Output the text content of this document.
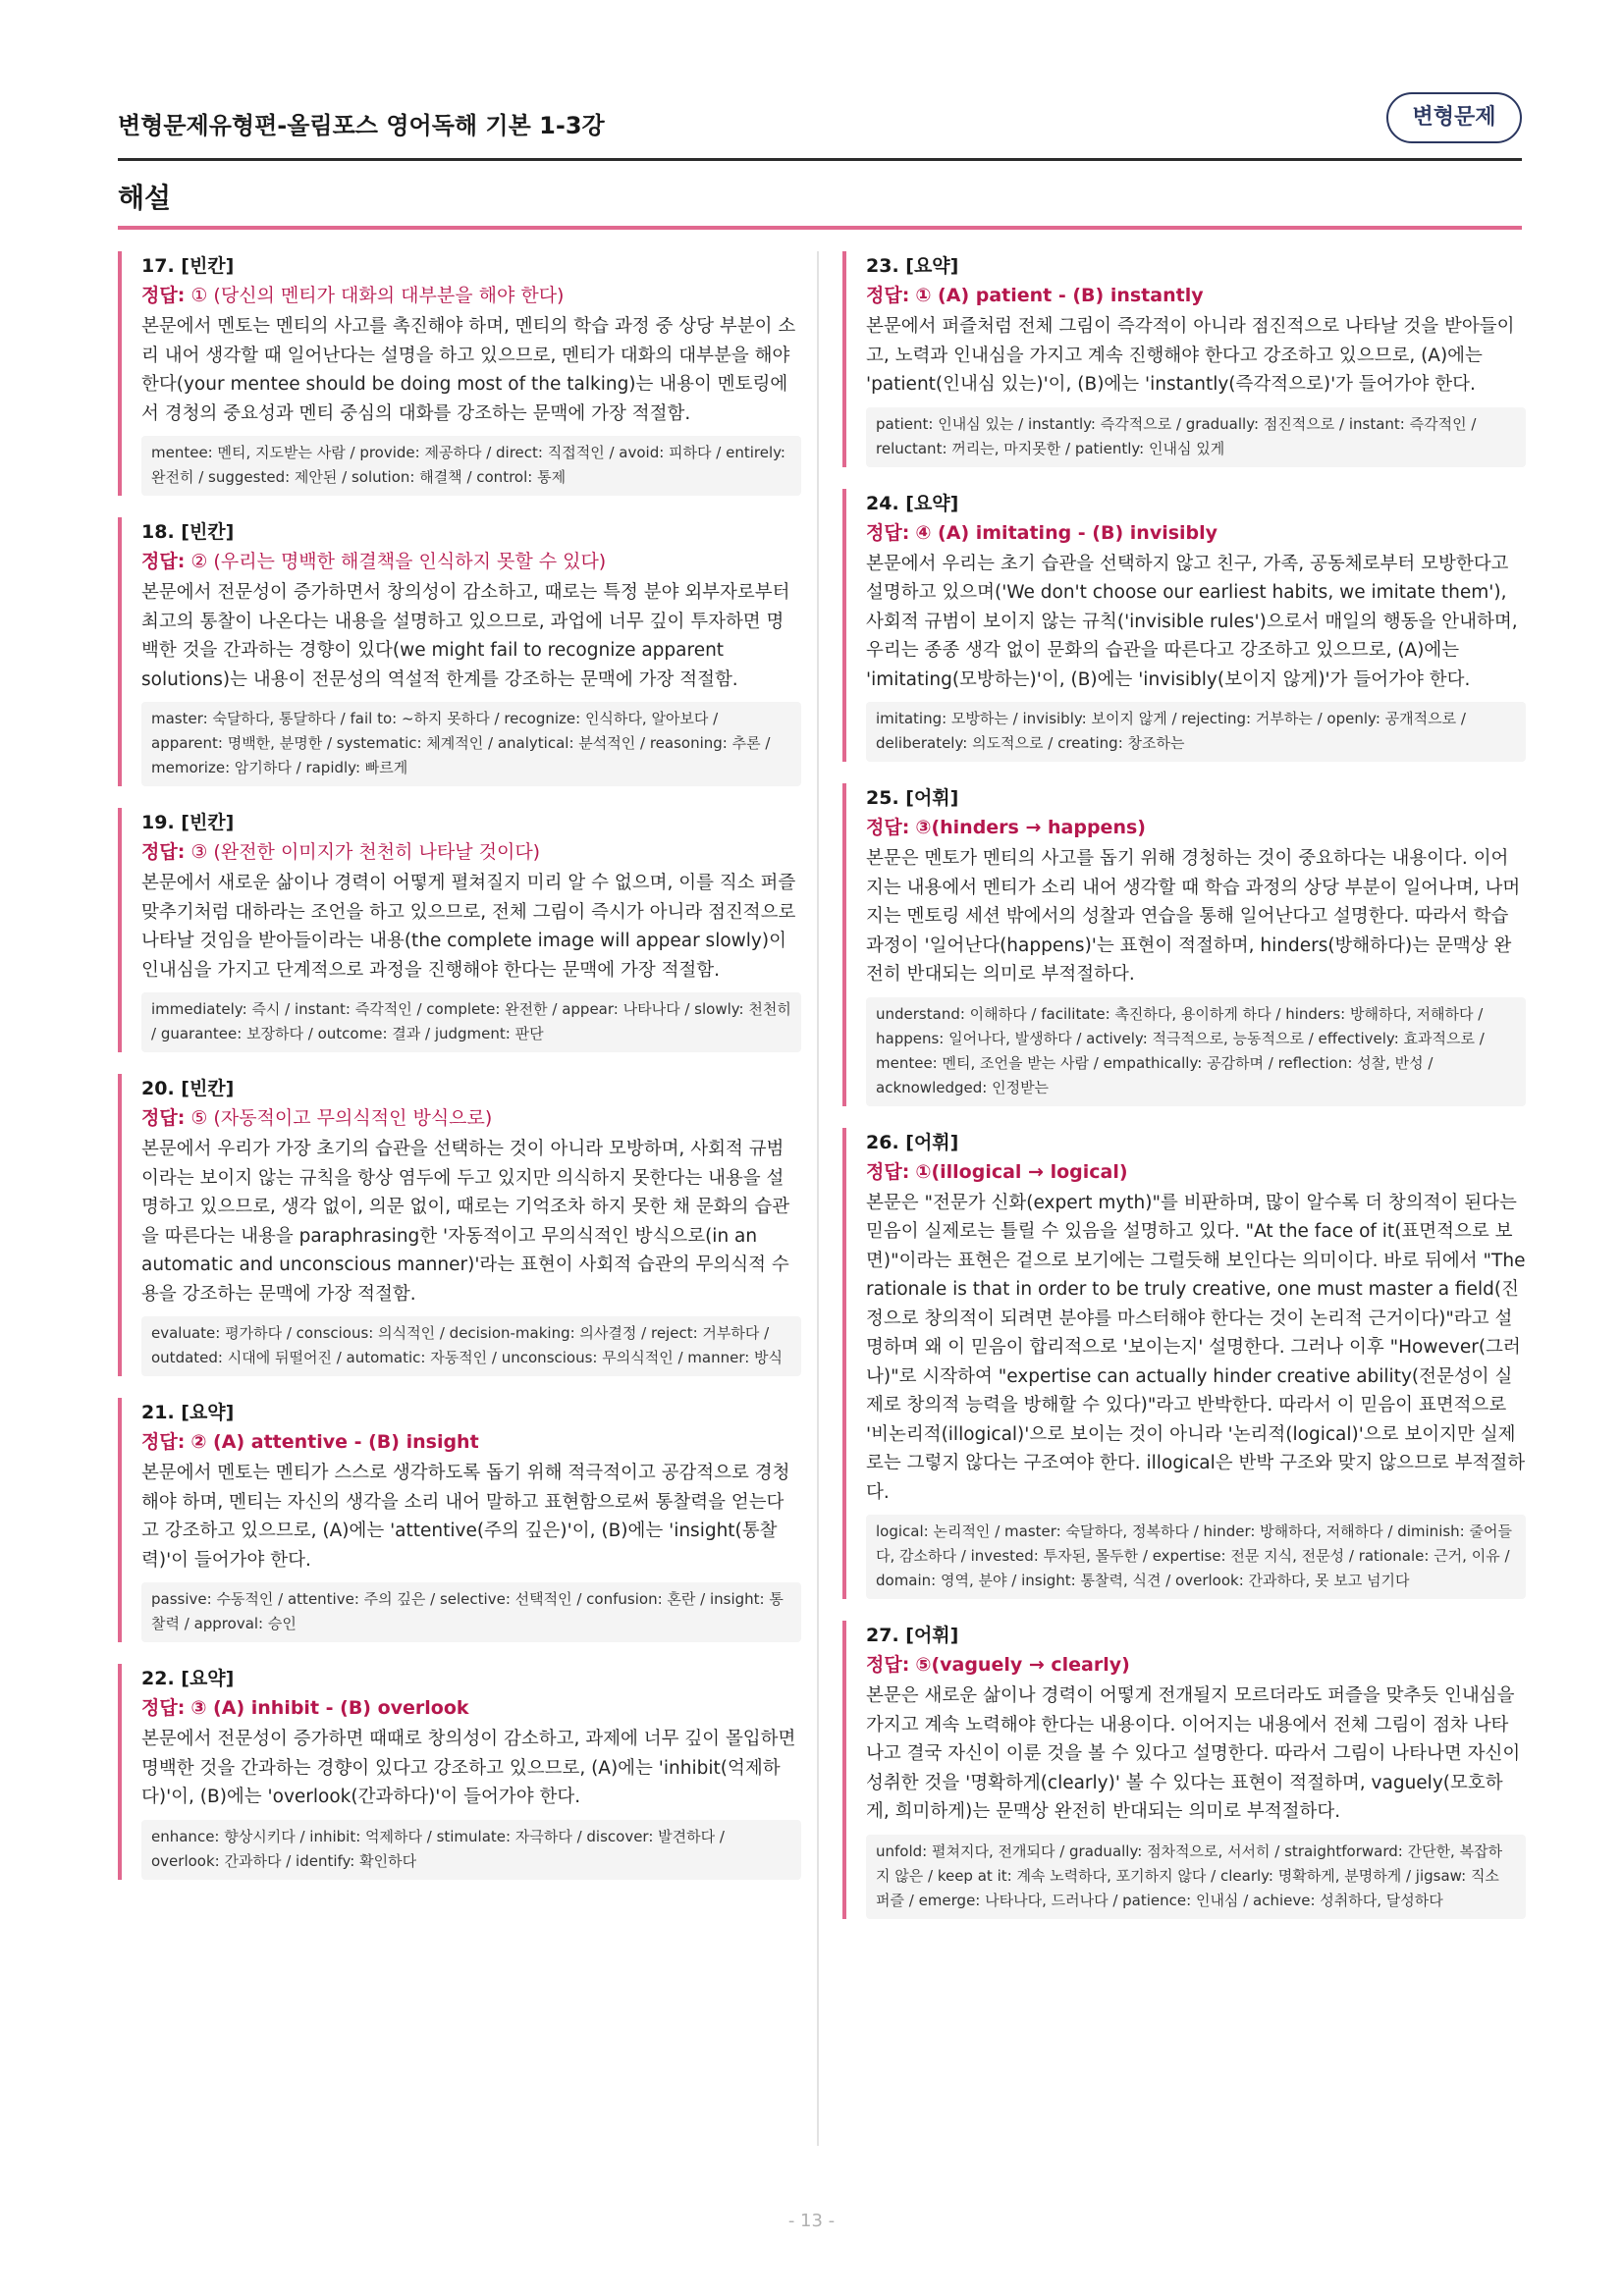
변형문제유형편-올림포스 영어독해 기본 1-3강	변형문제
해설
17. [빈칸]
정답: ① (당신의 멘티가 대화의 대부분을 해야 한다)
본문에서 멘토는 멘티의 사고를 촉진해야 하며, 멘티의 학습 과정 중 상당 부분이 소리 내어 생각할 때 일어난다는 설명을 하고 있으므로, 멘티가 대화의 대부분을 해야 한다(your mentee should be doing most of the talking)는 내용이 멘토링에서 경청의 중요성과 멘티 중심의 대화를 강조하는 문맥에 가장 적절함.
mentee: 멘티, 지도받는 사람 / provide: 제공하다 / direct: 직접적인 / avoid: 피하다 / entirely: 완전히 / suggested: 제안된 / solution: 해결책 / control: 통제
18. [빈칸]
정답: ② (우리는 명백한 해결책을 인식하지 못할 수 있다)
본문에서 전문성이 증가하면서 창의성이 감소하고, 때로는 특정 분야 외부자로부터 최고의 통찰이 나온다는 내용을 설명하고 있으므로, 과업에 너무 깊이 투자하면 명백한 것을 간과하는 경향이 있다(we might fail to recognize apparent solutions)는 내용이 전문성의 역설적 한계를 강조하는 문맥에 가장 적절함.
master: 숙달하다, 통달하다 / fail to: ~하지 못하다 / recognize: 인식하다, 알아보다 / apparent: 명백한, 분명한 / systematic: 체계적인 / analytical: 분석적인 / reasoning: 추론 / memorize: 암기하다 / rapidly: 빠르게
19. [빈칸]
정답: ③ (완전한 이미지가 천천히 나타날 것이다)
본문에서 새로운 삶이나 경력이 어떻게 펼쳐질지 미리 알 수 없으며, 이를 직소 퍼즐 맞추기처럼 대하라는 조언을 하고 있으므로, 전체 그림이 즉시가 아니라 점진적으로 나타날 것임을 받아들이라는 내용(the complete image will appear slowly)이 인내심을 가지고 단계적으로 과정을 진행해야 한다는 문맥에 가장 적절함.
immediately: 즉시 / instant: 즉각적인 / complete: 완전한 / appear: 나타나다 / slowly: 천천히 / guarantee: 보장하다 / outcome: 결과 / judgment: 판단
20. [빈칸]
정답: ⑤ (자동적이고 무의식적인 방식으로)
본문에서 우리가 가장 초기의 습관을 선택하는 것이 아니라 모방하며, 사회적 규범이라는 보이지 않는 규칙을 항상 염두에 두고 있지만 의식하지 못한다는 내용을 설명하고 있으므로, 생각 없이, 의문 없이, 때로는 기억조차 하지 못한 채 문화의 습관을 따른다는 내용을 paraphrasing한 '자동적이고 무의식적인 방식으로(in an automatic and unconscious manner)'라는 표현이 사회적 습관의 무의식적 수용을 강조하는 문맥에 가장 적절함.
evaluate: 평가하다 / conscious: 의식적인 / decision-making: 의사결정 / reject: 거부하다 / outdated: 시대에 뒤떨어진 / automatic: 자동적인 / unconscious: 무의식적인 / manner: 방식
21. [요약]
정답: ② (A) attentive - (B) insight
본문에서 멘토는 멘티가 스스로 생각하도록 돕기 위해 적극적이고 공감적으로 경청해야 하며, 멘티는 자신의 생각을 소리 내어 말하고 표현함으로써 통찰력을 얻는다고 강조하고 있으므로, (A)에는 'attentive(주의 깊은)'이, (B)에는 'insight(통찰력)'이 들어가야 한다.
passive: 수동적인 / attentive: 주의 깊은 / selective: 선택적인 / confusion: 혼란 / insight: 통찰력 / approval: 승인
22. [요약]
정답: ③ (A) inhibit - (B) overlook
본문에서 전문성이 증가하면 때때로 창의성이 감소하고, 과제에 너무 깊이 몰입하면 명백한 것을 간과하는 경향이 있다고 강조하고 있으므로, (A)에는 'inhibit(억제하다)'이, (B)에는 'overlook(간과하다)'이 들어가야 한다.
enhance: 향상시키다 / inhibit: 억제하다 / stimulate: 자극하다 / discover: 발견하다 / overlook: 간과하다 / identify: 확인하다
23. [요약]
정답: ① (A) patient - (B) instantly
본문에서 퍼즐처럼 전체 그림이 즉각적이 아니라 점진적으로 나타날 것을 받아들이고, 노력과 인내심을 가지고 계속 진행해야 한다고 강조하고 있으므로, (A)에는 'patient(인내심 있는)'이, (B)에는 'instantly(즉각적으로)'가 들어가야 한다.
patient: 인내심 있는 / instantly: 즉각적으로 / gradually: 점진적으로 / instant: 즉각적인 / reluctant: 꺼리는, 마지못한 / patiently: 인내심 있게
24. [요약]
정답: ④ (A) imitating - (B) invisibly
본문에서 우리는 초기 습관을 선택하지 않고 친구, 가족, 공동체로부터 모방한다고 설명하고 있으며('We don't choose our earliest habits, we imitate them'), 사회적 규범이 보이지 않는 규칙('invisible rules')으로서 매일의 행동을 안내하며, 우리는 종종 생각 없이 문화의 습관을 따른다고 강조하고 있으므로, (A)에는 'imitating(모방하는)'이, (B)에는 'invisibly(보이지 않게)'가 들어가야 한다.
imitating: 모방하는 / invisibly: 보이지 않게 / rejecting: 거부하는 / openly: 공개적으로 / deliberately: 의도적으로 / creating: 창조하는
25. [어휘]
정답: ③(hinders → happens)
본문은 멘토가 멘티의 사고를 돕기 위해 경청하는 것이 중요하다는 내용이다. 이어지는 내용에서 멘티가 소리 내어 생각할 때 학습 과정의 상당 부분이 일어나며, 나머지는 멘토링 세션 밖에서의 성찰과 연습을 통해 일어난다고 설명한다. 따라서 학습 과정이 '일어난다(happens)'는 표현이 적절하며, hinders(방해하다)는 문맥상 완전히 반대되는 의미로 부적절하다.
understand: 이해하다 / facilitate: 촉진하다, 용이하게 하다 / hinders: 방해하다, 저해하다 / happens: 일어나다, 발생하다 / actively: 적극적으로, 능동적으로 / effectively: 효과적으로 / mentee: 멘티, 조언을 받는 사람 / empathically: 공감하며 / reflection: 성찰, 반성 / acknowledged: 인정받는
26. [어휘]
정답: ①(illogical → logical)
본문은 "전문가 신화(expert myth)"를 비판하며, 많이 알수록 더 창의적이 된다는 믿음이 실제로는 틀릴 수 있음을 설명하고 있다. "At the face of it(표면적으로 보면)"이라는 표현은 겉으로 보기에는 그럴듯해 보인다는 의미이다. 바로 뒤에서 "The rationale is that in order to be truly creative, one must master a field(진정으로 창의적이 되려면 분야를 마스터해야 한다는 것이 논리적 근거이다)"라고 설명하며 왜 이 믿음이 합리적으로 '보이는지' 설명한다. 그러나 이후 "However(그러나)"로 시작하여 "expertise can actually hinder creative ability(전문성이 실제로 창의적 능력을 방해할 수 있다)"라고 반박한다. 따라서 이 믿음이 표면적으로 '비논리적(illogical)'으로 보이는 것이 아니라 '논리적(logical)'으로 보이지만 실제로는 그렇지 않다는 구조여야 한다. illogical은 반박 구조와 맞지 않으므로 부적절하다.
logical: 논리적인 / master: 숙달하다, 정복하다 / hinder: 방해하다, 저해하다 / diminish: 줄어들다, 감소하다 / invested: 투자된, 몰두한 / expertise: 전문 지식, 전문성 / rationale: 근거, 이유 / domain: 영역, 분야 / insight: 통찰력, 식견 / overlook: 간과하다, 못 보고 넘기다
27. [어휘]
정답: ⑤(vaguely → clearly)
본문은 새로운 삶이나 경력이 어떻게 전개될지 모르더라도 퍼즐을 맞추듯 인내심을 가지고 계속 노력해야 한다는 내용이다. 이어지는 내용에서 전체 그림이 점차 나타나고 결국 자신이 이룬 것을 볼 수 있다고 설명한다. 따라서 그림이 나타나면 자신이 성취한 것을 '명확하게(clearly)' 볼 수 있다는 표현이 적절하며, vaguely(모호하게, 희미하게)는 문맥상 완전히 반대되는 의미로 부적절하다.
unfold: 펼쳐지다, 전개되다 / gradually: 점차적으로, 서서히 / straightforward: 간단한, 복잡하지 않은 / keep at it: 계속 노력하다, 포기하지 않다 / clearly: 명확하게, 분명하게 / jigsaw: 직소 퍼즐 / emerge: 나타나다, 드러나다 / patience: 인내심 / achieve: 성취하다, 달성하다
- 13 -
